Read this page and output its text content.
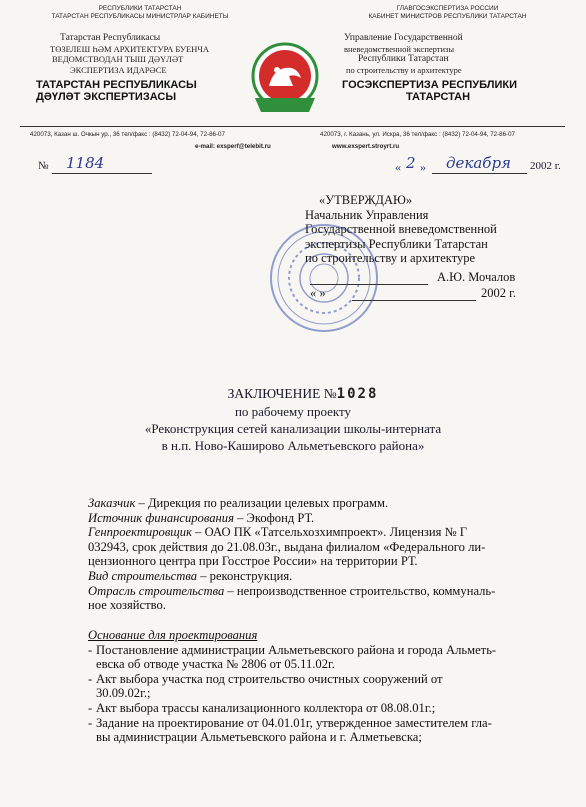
РЕСПУБЛИКИ ТАТАРСТАН
ТАТАРСТАН РЕСПУБЛИКАСЫ МИНИСТРЛАР КАБИНЕТЫ
Татарстан Республикасы
ТӨЗЕЛЕШ ҺӘМ АРХИТЕКТУРА БУЕНЧА
ВЕДОМСТВОДАН ТЫШ ДӘҮЛӘТ
ЭКСПЕРТИЗА ИДАРӘСЕ
ТАТАРСТАН РЕСПУБЛИКАСЫ
ДӘҮЛӘТ ЭКСПЕРТИЗАСЫ
ГЛАВГОСЭКСПЕРТИЗА РОССИИ
КАБИНЕТ МИНИСТРОВ РЕСПУБЛИКИ ТАТАРСТАН
Управление Государственной
вневедомственной экспертизы
Республики Татарстан
по строительству и архитектуре
ГОСЭКСПЕРТИЗА РЕСПУБЛИКИ
ТАТАРСТАН
420073, Казан ш. Очкын ур., 36 тел/факс : (8432) 72-04-94, 72-86-07	420073, г. Казань, ул. Искра, 36 тел/факс : (8432) 72-04-94, 72-86-07
e-mail: exsperf@telebit.ru	www.exspert.stroyrt.ru
№ 1184	« 2 » декабря 2002 г.
«УТВЕРЖДАЮ»
Начальник Управления
Государственной вневедомственной
экспертизы Республики Татарстан
по строительству и архитектуре
А.Ю. Мочалов
« »	2002 г.
ЗАКЛЮЧЕНИЕ №1028
по рабочему проекту
«Реконструкция сетей канализации школы-интерната
в н.п. Ново-Каширово Альметьевского района»
Заказчик – Дирекция по реализации целевых программ.
Источник финансирования – Экофонд РТ.
Генпроектировщик – ОАО ПК «Татсельхозхимпроект». Лицензия № Г
032943, срок действия до 21.08.03г., выдана филиалом «Федерального ли-
цензионного центра при Госстрое России» на территории РТ.
Вид строительства – реконструкция.
Отрасль строительства – непроизводственное строительство, коммуналь-
ное хозяйство.
Основание для проектирования
- Постановление администрации Альметьевского района и города Альметь-
евска об отводе участка № 2806 от 05.11.02г.
- Акт выбора участка под строительство очистных сооружений от
30.09.02г.;
- Акт выбора трассы канализационного коллектора от 08.08.01г.;
- Задание на проектирование от 04.01.01г, утвержденное заместителем гла-
вы администрации Альметьевского района и г. Алметьевска;
